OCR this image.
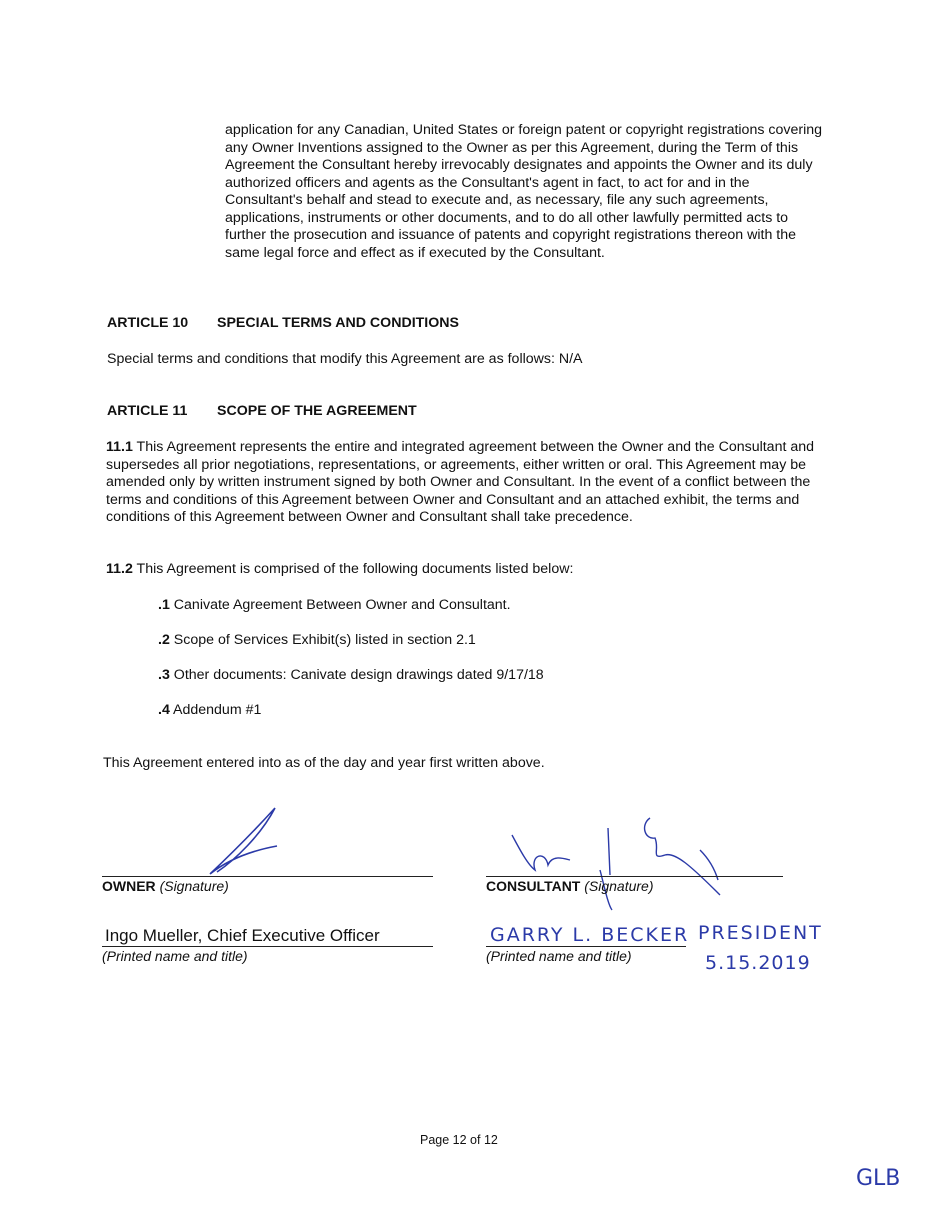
application for any Canadian, United States or foreign patent or copyright registrations covering any Owner Inventions assigned to the Owner as per this Agreement, during the Term of this Agreement the Consultant hereby irrevocably designates and appoints the Owner and its duly authorized officers and agents as the Consultant's agent in fact, to act for and in the Consultant's behalf and stead to execute and, as necessary, file any such agreements, applications, instruments or other documents, and to do all other lawfully permitted acts to further the prosecution and issuance of patents and copyright registrations thereon with the same legal force and effect as if executed by the Consultant.
ARTICLE 10 SPECIAL TERMS AND CONDITIONS
Special terms and conditions that modify this Agreement are as follows: N/A
ARTICLE 11 SCOPE OF THE AGREEMENT
11.1 This Agreement represents the entire and integrated agreement between the Owner and the Consultant and supersedes all prior negotiations, representations, or agreements, either written or oral. This Agreement may be amended only by written instrument signed by both Owner and Consultant. In the event of a conflict between the terms and conditions of this Agreement between Owner and Consultant and an attached exhibit, the terms and conditions of this Agreement between Owner and Consultant shall take precedence.
11.2 This Agreement is comprised of the following documents listed below:
.1 Canivate Agreement Between Owner and Consultant.
.2 Scope of Services Exhibit(s) listed in section 2.1
.3 Other documents: Canivate design drawings dated 9/17/18
.4 Addendum #1
This Agreement entered into as of the day and year first written above.
OWNER (Signature)
Ingo Mueller, Chief Executive Officer
(Printed name and title)
CONSULTANT (Signature)
GARRY L. BECKER PRESIDENT
(Printed name and title)	5.15.2019
Page 12 of 12
GLB
